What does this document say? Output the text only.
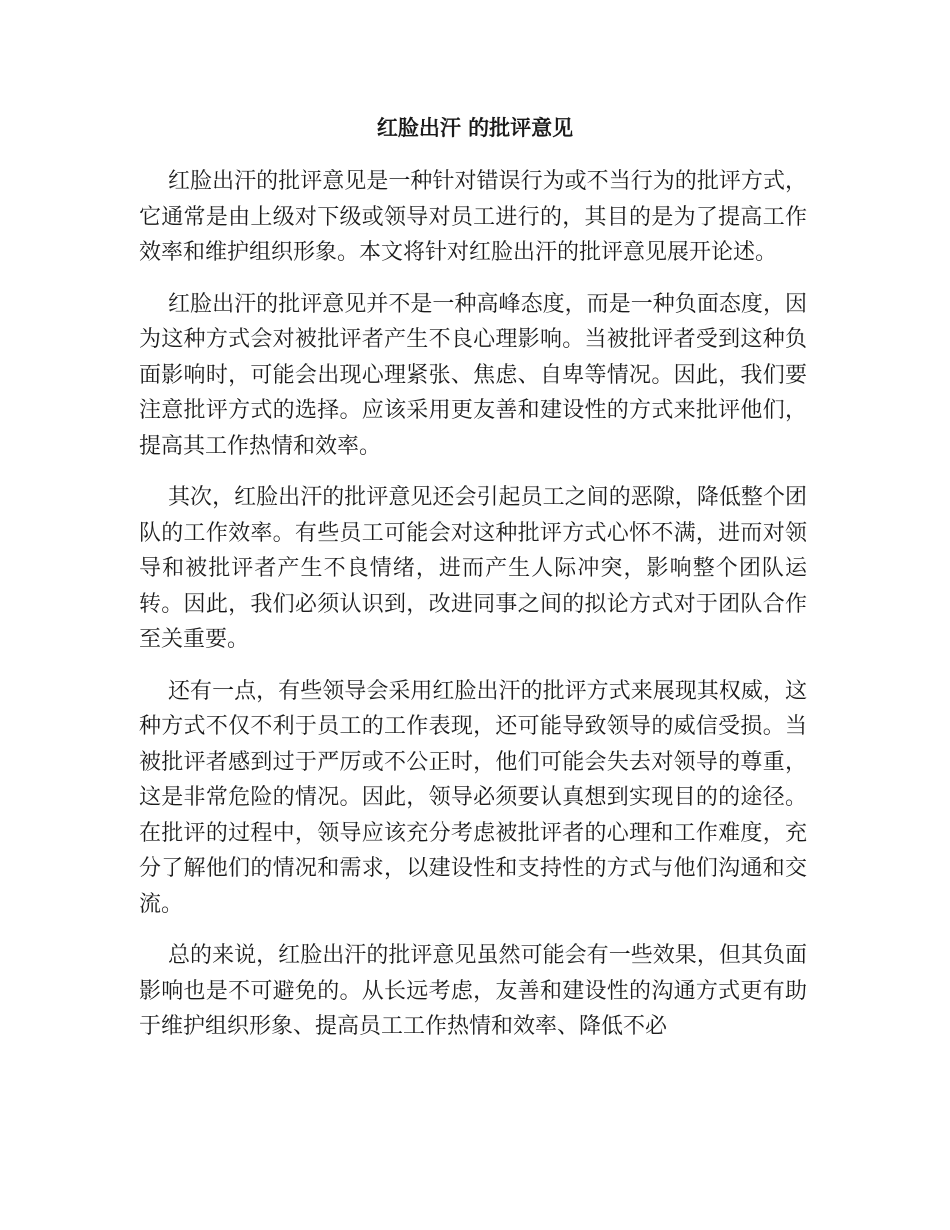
红脸出汗 的批评意见

红脸出汗的批评意见是一种针对错误行为或不当行为的批评方式，它通常是由上级对下级或领导对员工进行的，其目的是为了提高工作效率和维护组织形象。本文将针对红脸出汗的批评意见展开论述。

红脸出汗的批评意见并不是一种高峰态度，而是一种负面态度，因为这种方式会对被批评者产生不良心理影响。当被批评者受到这种负面影响时，可能会出现心理紧张、焦虑、自卑等情况。因此，我们要注意批评方式的选择。应该采用更友善和建设性的方式来批评他们，提高其工作热情和效率。

其次，红脸出汗的批评意见还会引起员工之间的恶隙，降低整个团队的工作效率。有些员工可能会对这种批评方式心怀不满，进而对领导和被批评者产生不良情绪，进而产生人际冲突，影响整个团队运转。因此，我们必须认识到，改进同事之间的拟论方式对于团队合作至关重要。

还有一点，有些领导会采用红脸出汗的批评方式来展现其权威，这种方式不仅不利于员工的工作表现，还可能导致领导的威信受损。当被批评者感到过于严厉或不公正时，他们可能会失去对领导的尊重，这是非常危险的情况。因此，领导必须要认真想到实现目的的途径。在批评的过程中，领导应该充分考虑被批评者的心理和工作难度，充分了解他们的情况和需求，以建设性和支持性的方式与他们沟通和交流。

总的来说，红脸出汗的批评意见虽然可能会有一些效果，但其负面影响也是不可避免的。从长远考虑，友善和建设性的沟通方式更有助于维护组织形象、提高员工工作热情和效率、降低不必
